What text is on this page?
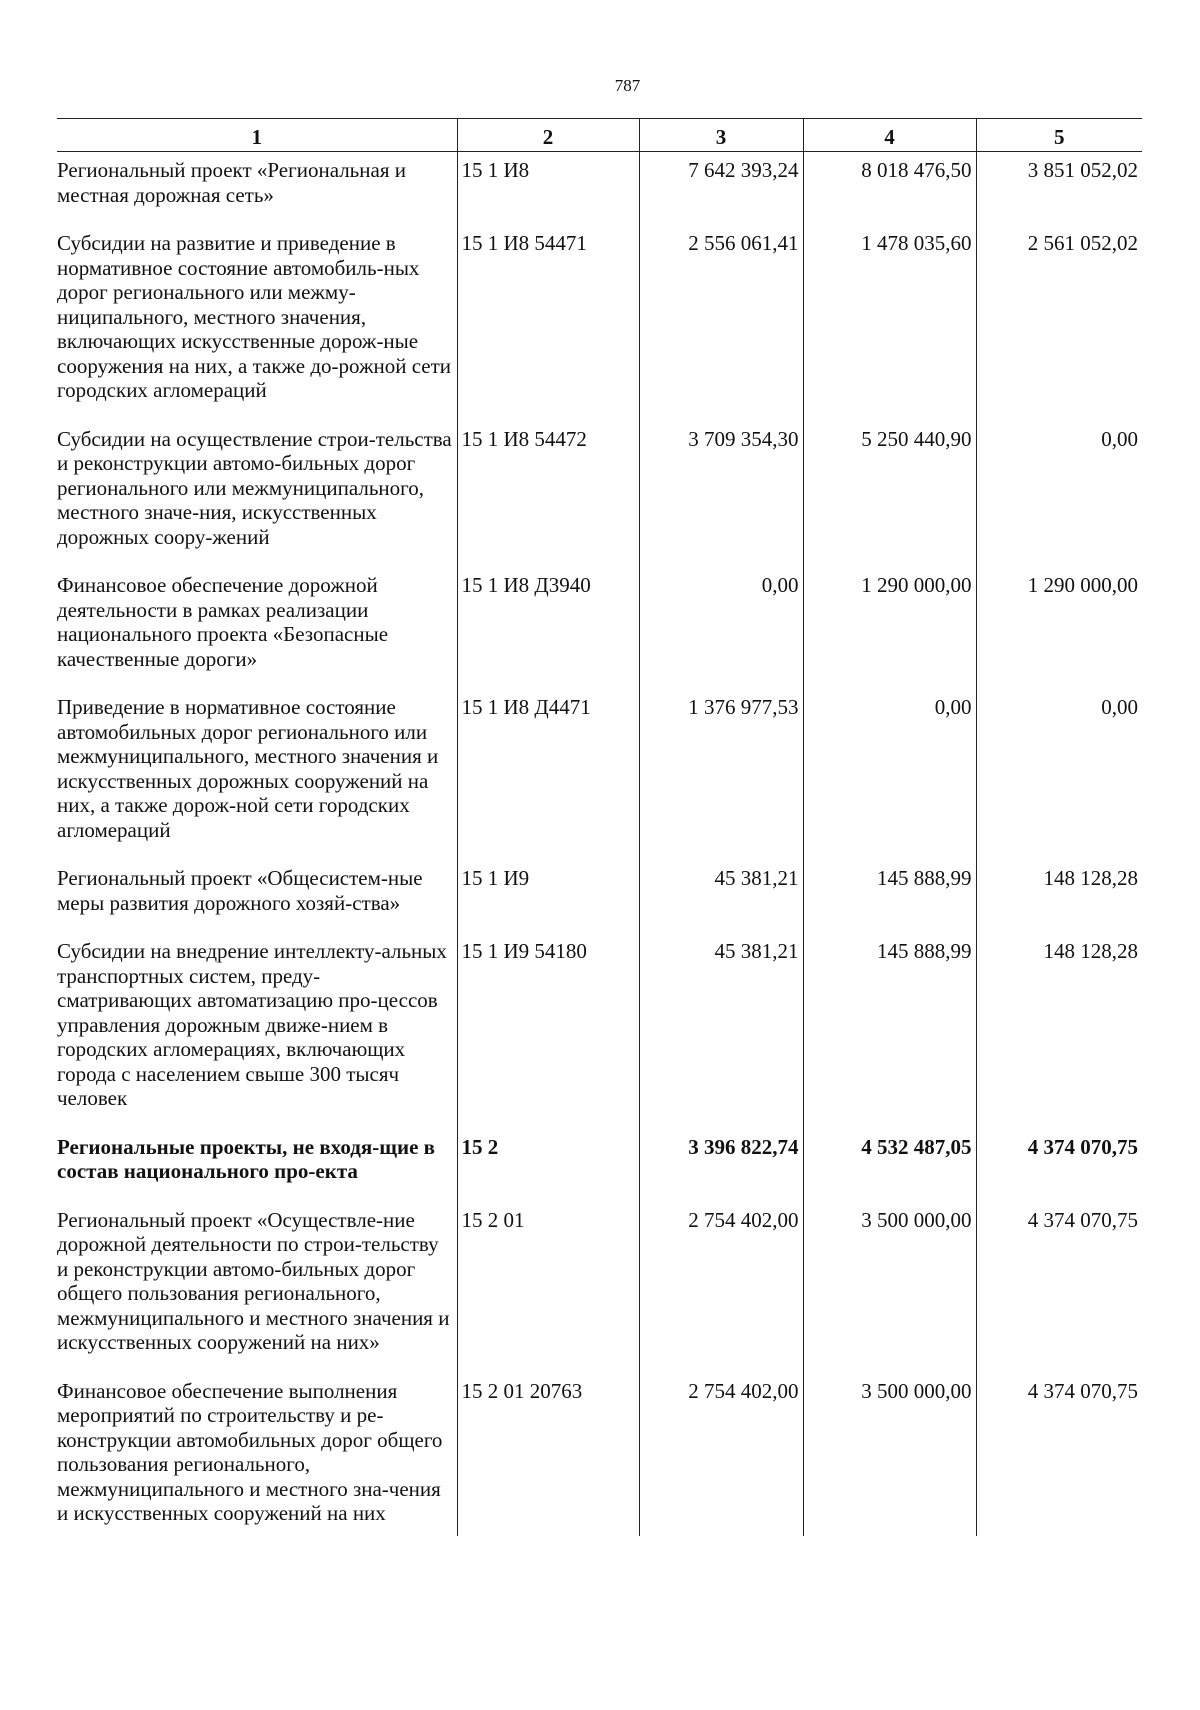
787
1	2	3	4	5
Региональный проект «Региональная и местная дорожная сеть»	15 1 И8	7 642 393,24	8 018 476,50	3 851 052,02
Субсидии на развитие и приведение в нормативное состояние автомобиль-ных дорог регионального или межму-ниципального, местного значения, включающих искусственные дорож-ные сооружения на них, а также до-рожной сети городских агломераций	15 1 И8 54471	2 556 061,41	1 478 035,60	2 561 052,02
Субсидии на осуществление строи-тельства и реконструкции автомо-бильных дорог регионального или межмуниципального, местного значе-ния, искусственных дорожных соору-жений	15 1 И8 54472	3 709 354,30	5 250 440,90	0,00
Финансовое обеспечение дорожной деятельности в рамках реализации национального проекта «Безопасные качественные дороги»	15 1 И8 Д3940	0,00	1 290 000,00	1 290 000,00
Приведение в нормативное состояние автомобильных дорог регионального или межмуниципального, местного значения и искусственных дорожных сооружений на них, а также дорож-ной сети городских агломераций	15 1 И8 Д4471	1 376 977,53	0,00	0,00
Региональный проект «Общесистем-ные меры развития дорожного хозяй-ства»	15 1 И9	45 381,21	145 888,99	148 128,28
Субсидии на внедрение интеллекту-альных транспортных систем, преду-сматривающих автоматизацию про-цессов управления дорожным движе-нием в городских агломерациях, включающих города с населением свыше 300 тысяч человек	15 1 И9 54180	45 381,21	145 888,99	148 128,28
Региональные проекты, не входя-щие в состав национального про-екта	15 2	3 396 822,74	4 532 487,05	4 374 070,75
Региональный проект «Осуществле-ние дорожной деятельности по строи-тельству и реконструкции автомо-бильных дорог общего пользования регионального, межмуниципального и местного значения и искусственных сооружений на них»	15 2 01	2 754 402,00	3 500 000,00	4 374 070,75
Финансовое обеспечение выполнения мероприятий по строительству и ре-конструкции автомобильных дорог общего пользования регионального, межмуниципального и местного зна-чения и искусственных сооружений на них	15 2 01 20763	2 754 402,00	3 500 000,00	4 374 070,75
